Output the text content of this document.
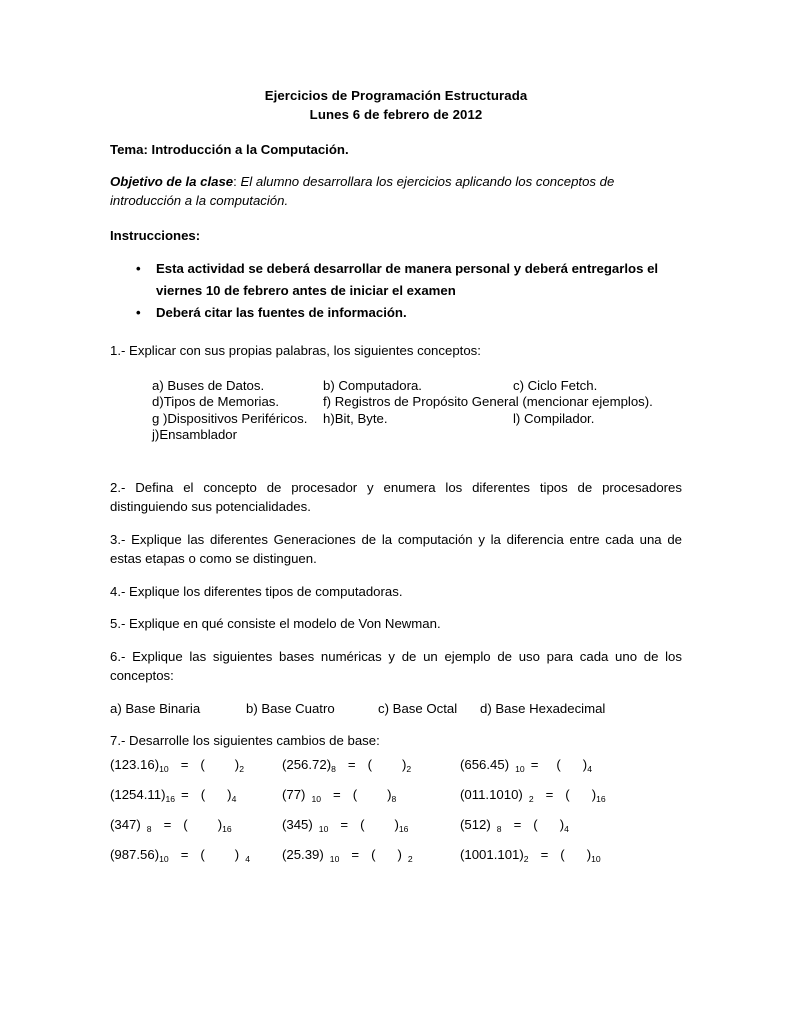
Ejercicios de Programación Estructurada
Lunes 6 de febrero de 2012
Tema: Introducción a la Computación.
Objetivo de la clase: El alumno desarrollara los ejercicios aplicando los conceptos de introducción a la computación.
Instrucciones:
• Esta actividad se deberá desarrollar de manera personal y deberá entregarlos el viernes 10 de febrero antes de iniciar el examen
• Deberá citar las fuentes de información.
1.- Explicar con sus propias palabras, los siguientes conceptos:
a) Buses de Datos.	b) Computadora.	c) Ciclo Fetch.
d)Tipos de Memorias.	f) Registros de Propósito General (mencionar ejemplos).
g )Dispositivos Periféricos. h)Bit, Byte.	l) Compilador.
j)Ensamblador
2.- Defina el concepto de procesador y enumera los diferentes tipos de procesadores distinguiendo sus potencialidades.
3.- Explique las diferentes Generaciones de la computación y la diferencia entre cada una de estas etapas o como se distinguen.
4.- Explique los diferentes tipos de computadoras.
5.- Explique en qué consiste el modelo de Von Newman.
6.- Explique las siguientes bases numéricas y de un ejemplo de uso para cada uno de los conceptos:
a) Base Binaria	b) Base Cuatro	c) Base Octal d) Base Hexadecimal
7.- Desarrolle los siguientes cambios de base:
$(123.16)_{10}$ = ( )$_2$	$(256.72)_8$ = ( )$_2$	(656.45) $_{10}$ = ( )$_4$
$(1254.11)_{16}$ = ( )$_4$	(77) $_{10}$ = ( )$_8$	(011.1010) $_2$ = ( )$_{16}$
(347) $_8$ = ( )$_{16}$	(345) $_{10}$ = ( )$_{16}$	(512) $_8$ = ( )$_4$
$(987.56)_{10}$ = ( ) $_4$ (25.39) $_{10}$ = ( ) $_2$	$(1001.101)_2$ = ( )$_{10}$
